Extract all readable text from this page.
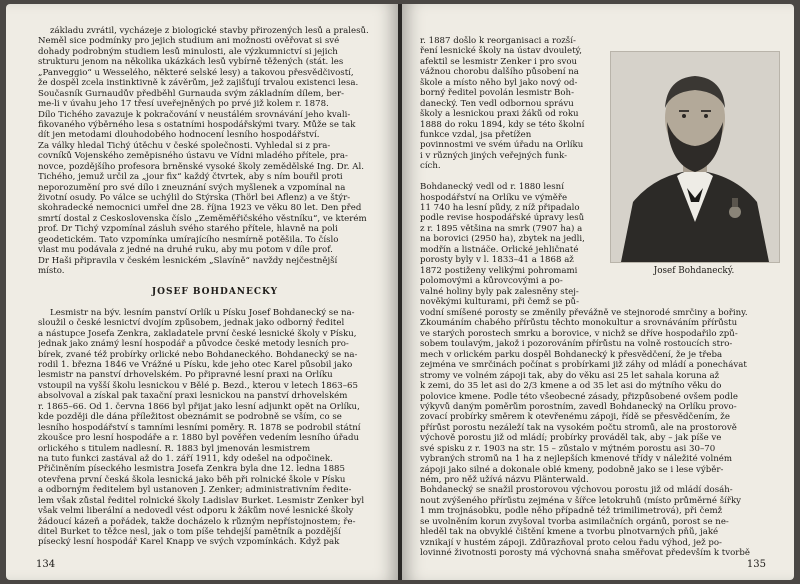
základu zvrátil, vycházeje z biologické stavby přirozených lesů a pralesů.
Neměl sice podmínky pro jejich studium ani možnosti ověřovat si své
dohady podrobným studiem lesů minulosti, ale výzkumnictví si jejich
strukturu jenom na několika ukázkách lesů vybírně těžených (stát. les
„Panveggio“ u Wesselého, některé selské lesy) a takovou přesvědčivostí,
že dospěl zcela instinktivně k závěrům, jež zajišťují trvalou existenci lesa.
Současník Gurnaudův předběhl Gurnauda svým základním dílem, ber-
me-li v úvahu jeho 17 třesí uveřejněných po prvé již kolem r. 1878.
Dílo Tichého zavazuje k pokračování v neustálém srovnávání jeho kvali-
fikovaného výběrného lesa s ostatními hospodářskými tvary. Může se tak
dít jen metodami dlouhodobého hodnocení lesního hospodářství.
Za války hledal Tichý útěchu v české společnosti. Vyhledal si z pra-
covníků Vojenského zeměpisného ústavu ve Vídni mladého přítele, pra-
novce, pozdějšího profesora brněnské vysoké školy zemědělské Ing. Dr. Al.
Tichého, jemuž určil za „jour fix“ každý čtvrtek, aby s ním bouřil proti
neporozumění pro své dílo i zneuznání svých myšlenek a vzpomínal na
životní osudy. Po válce se uchýlil do Štýrska (Thörl bei Aflenz) a ve štýr-
skohradecké nemocnici umřel dne 28. října 1923 ve věku 80 let. Den před
smrtí dostal z Československa číslo „Zeměměřičského věstníku“, ve kterém
prof. Dr Tichý vzpomínal zásluh svého starého přítele, hlavně na poli
geodetickém. Tato vzpomínka umírajícího nesmírně potěšila. To číslo
vlast mu podávala z jedné na druhé ruku, aby mu potom v díle prof.
Dr Haši připravila v českém lesnickém „Slavíně“ navždy nejčestnější
místo.
JOSEF BOHDANECKÝ
Lesmistr na býv. lesním panství Orlík u Písku Josef Bohdanecký se na-
sloužil o české lesnictví dvojím způsobem, jednak jako odborný ředitel
a nástupce Josefa Zenkra, zakladatele první české lesnické školy v Písku,
jednak jako známý lesní hospodář a původce české metody lesních pro-
bírek, zvané též probírky orlické nebo Bohdaneckého. Bohdanecký se na-
rodil 1. března 1846 ve Vrážné u Písku, kde jeho otec Karel působil jako
lesmistr na panství drhovelském. Po připravné lesní praxi na Orlíku
vstoupil na vyšší školu lesnickou v Bělé p. Bezd., kterou v letech 1863–65
absolvoval a získal pak taxační praxi lesnickou na panství drhovelském
r. 1865–66. Od 1. června 1866 byl přijat jako lesní adjunkt opět na Orlíku,
kde později dle dána příležitost obeznámit se podrobně se vším, co se
lesního hospodářství s tamními lesními poměry. R. 1878 se podrobil státní
zkoušce pro lesní hospodáře a r. 1880 byl pověřen vedením lesního úřadu
orlického s titulem nadlesní. R. 1883 byl jmenován lesmistrem
na tuto funkci zastával až do 1. září 1911, kdy odešel na odpočinek.
Přičiněním píseckého lesmistra Josefa Zenkra byla dne 12. ledna 1885
otevřena první česká škola lesnická jako běh při rolnické škole v Písku
a odborným ředitelem byl ustanoven J. Zenker; administrativním ředite-
lem však zůstal ředitel rolnické školy Ladislav Burket. Lesmistr Zenker byl
však velmi liberální a nedovedl vést odporu k žákům nové lesnické školy
žádoucí kázeň a pořádek, takže docházelo k různým nepřístojnostem; ře-
ditel Burket to těžce nesl, jak o tom píše tehdejší pamětník a pozdější
písecký lesní hospodář Karel Knapp ve svých vzpomínkách. Když pak
134
r. 1887 došlo k reorganisaci a rozší-
ření lesnické školy na ústav dvouletý,
afektil se lesmistr Zenker i pro svou
vážnou chorobu dalšího působení na
škole a místo něho byl jako nový od-
borný ředitel povolán lesmistr Boh-
danecký. Ten vedl odbornou správu
školy a lesnickou praxi žáků od roku
1888 do roku 1894, kdy se této školní
funkce vzdal, jsa přetížen
povinnostmi ve svém úřadu na Orlíku
i v různých jiných veřejných funk-
cích.
Bohdanecký vedl od r. 1880 lesní
hospodářství na Orlíku ve výměře
11 740 ha lesní půdy, z níž připadalo
podle revise hospodářské úpravy lesů
z r. 1895 většina na smrk (7907 ha) a
na borovici (2950 ha), zbytek na jedli,
modřín a listnáče. Orlické jehličnaté
porosty byly v l. 1833–41 a 1868 až
1872 postiženy velikými pohromami
polomovými a kůrovcovými a po-
valné holiny byly pak zalesněny stej-
nověkými kulturami, při čemž se pů-
Josef Bohdanecký.
vodní smíšené porosty se změnily převážně ve stejnorodé smrčiny a bořiny.
Zkoumáním chabého přírůstu těchto monokultur a srovnáváním přírůstu
ve starých porostech smrku a borovice, v nichž se dříve hospodařilo způ-
sobem toulavým, jakož i pozorováním přírůstu na volně rostoucích stro-
mech v orlickém parku dospěl Bohdanecký k přesvědčení, že je třeba
zejména ve smrčinách počínat s probírkami již záhy od mládí a ponechávat
stromy ve volném zápoji tak, aby do věku asi 25 let sahala koruna až
k zemi, do 35 let asi do 2/3 kmene a od 35 let asi do mýtního věku do
polovice kmene. Podle této všeobecné zásady, přizpůsobené ovšem podle
výkyvů daným poměrům porostním, zavedl Bohdanecký na Orlíku provo-
zovací probírky směrem k otevřenému zápoji, řídě se přesvědčením, že
přírůst porostu nezáleží tak na vysokém počtu stromů, ale na prostorově
výchově porostu již od mládí; probírky prováděl tak, aby – jak píše ve
své spisku z r. 1903 na str. 15 – zůstalo v mýtném porostu asi 30–70
vybraných stromů na 1 ha z nejlepších kmenové třídy v náležité volném
zápoji jako silné a dokonale oblé kmeny, podobně jako se i lese výběr-
ném, pro něž užívá názvu Plänterwald.
Bohdanecký se snažil prostorovou výchovou porostu již od mládí dosáh-
nout zvýšeného přírůstu zejména v šířce letokruhů (místo průměrné šířky
1 mm trojnásobku, podle něho případně též trimilimetrová), při čemž
se uvolněním korun zvyšoval tvorba asimilačních orgánů, porost se ne-
hleděl tak na obvyklé čištění kmene a tvorbu plnotvarných pňů, jaké
vznikají v hustém zápoji. Zdůrazňoval proto celou řadu výhod, jež po-
lovinné životnosti porosty má výchovná snaha směřovat především k tvorbě
135
